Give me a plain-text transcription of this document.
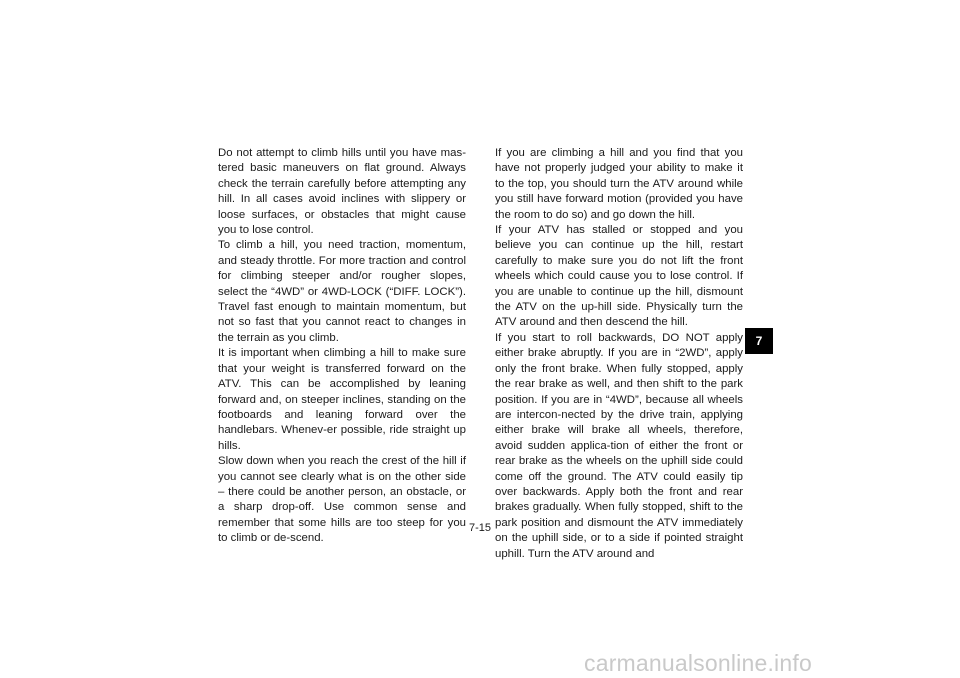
Do not attempt to climb hills until you have mas-tered basic maneuvers on flat ground. Always check the terrain carefully before attempting any hill. In all cases avoid inclines with slippery or loose surfaces, or obstacles that might cause you to lose control.

To climb a hill, you need traction, momentum, and steady throttle. For more traction and control for climbing steeper and/or rougher slopes, select the “4WD” or 4WD-LOCK (“DIFF. LOCK”). Travel fast enough to maintain momentum, but not so fast that you cannot react to changes in the terrain as you climb.

It is important when climbing a hill to make sure that your weight is transferred forward on the ATV. This can be accomplished by leaning forward and, on steeper inclines, standing on the footboards and leaning forward over the handlebars. Whenev-er possible, ride straight up hills.

Slow down when you reach the crest of the hill if you cannot see clearly what is on the other side – there could be another person, an obstacle, or a sharp drop-off. Use common sense and remember that some hills are too steep for you to climb or de-scend.

If you are climbing a hill and you find that you have not properly judged your ability to make it to the top, you should turn the ATV around while you still have forward motion (provided you have the room to do so) and go down the hill.

If your ATV has stalled or stopped and you believe you can continue up the hill, restart carefully to make sure you do not lift the front wheels which could cause you to lose control. If you are unable to continue up the hill, dismount the ATV on the up-hill side. Physically turn the ATV around and then descend the hill.

If you start to roll backwards, DO NOT apply either brake abruptly. If you are in “2WD”, apply only the front brake. When fully stopped, apply the rear brake as well, and then shift to the park position. If you are in “4WD”, because all wheels are intercon-nected by the drive train, applying either brake will brake all wheels, therefore, avoid sudden applica-tion of either the front or rear brake as the wheels on the uphill side could come off the ground. The ATV could easily tip over backwards. Apply both the front and rear brakes gradually. When fully stopped, shift to the park position and dismount the ATV immediately on the uphill side, or to a side if pointed straight uphill. Turn the ATV around and

7
7-15
carmanualsonline.info
